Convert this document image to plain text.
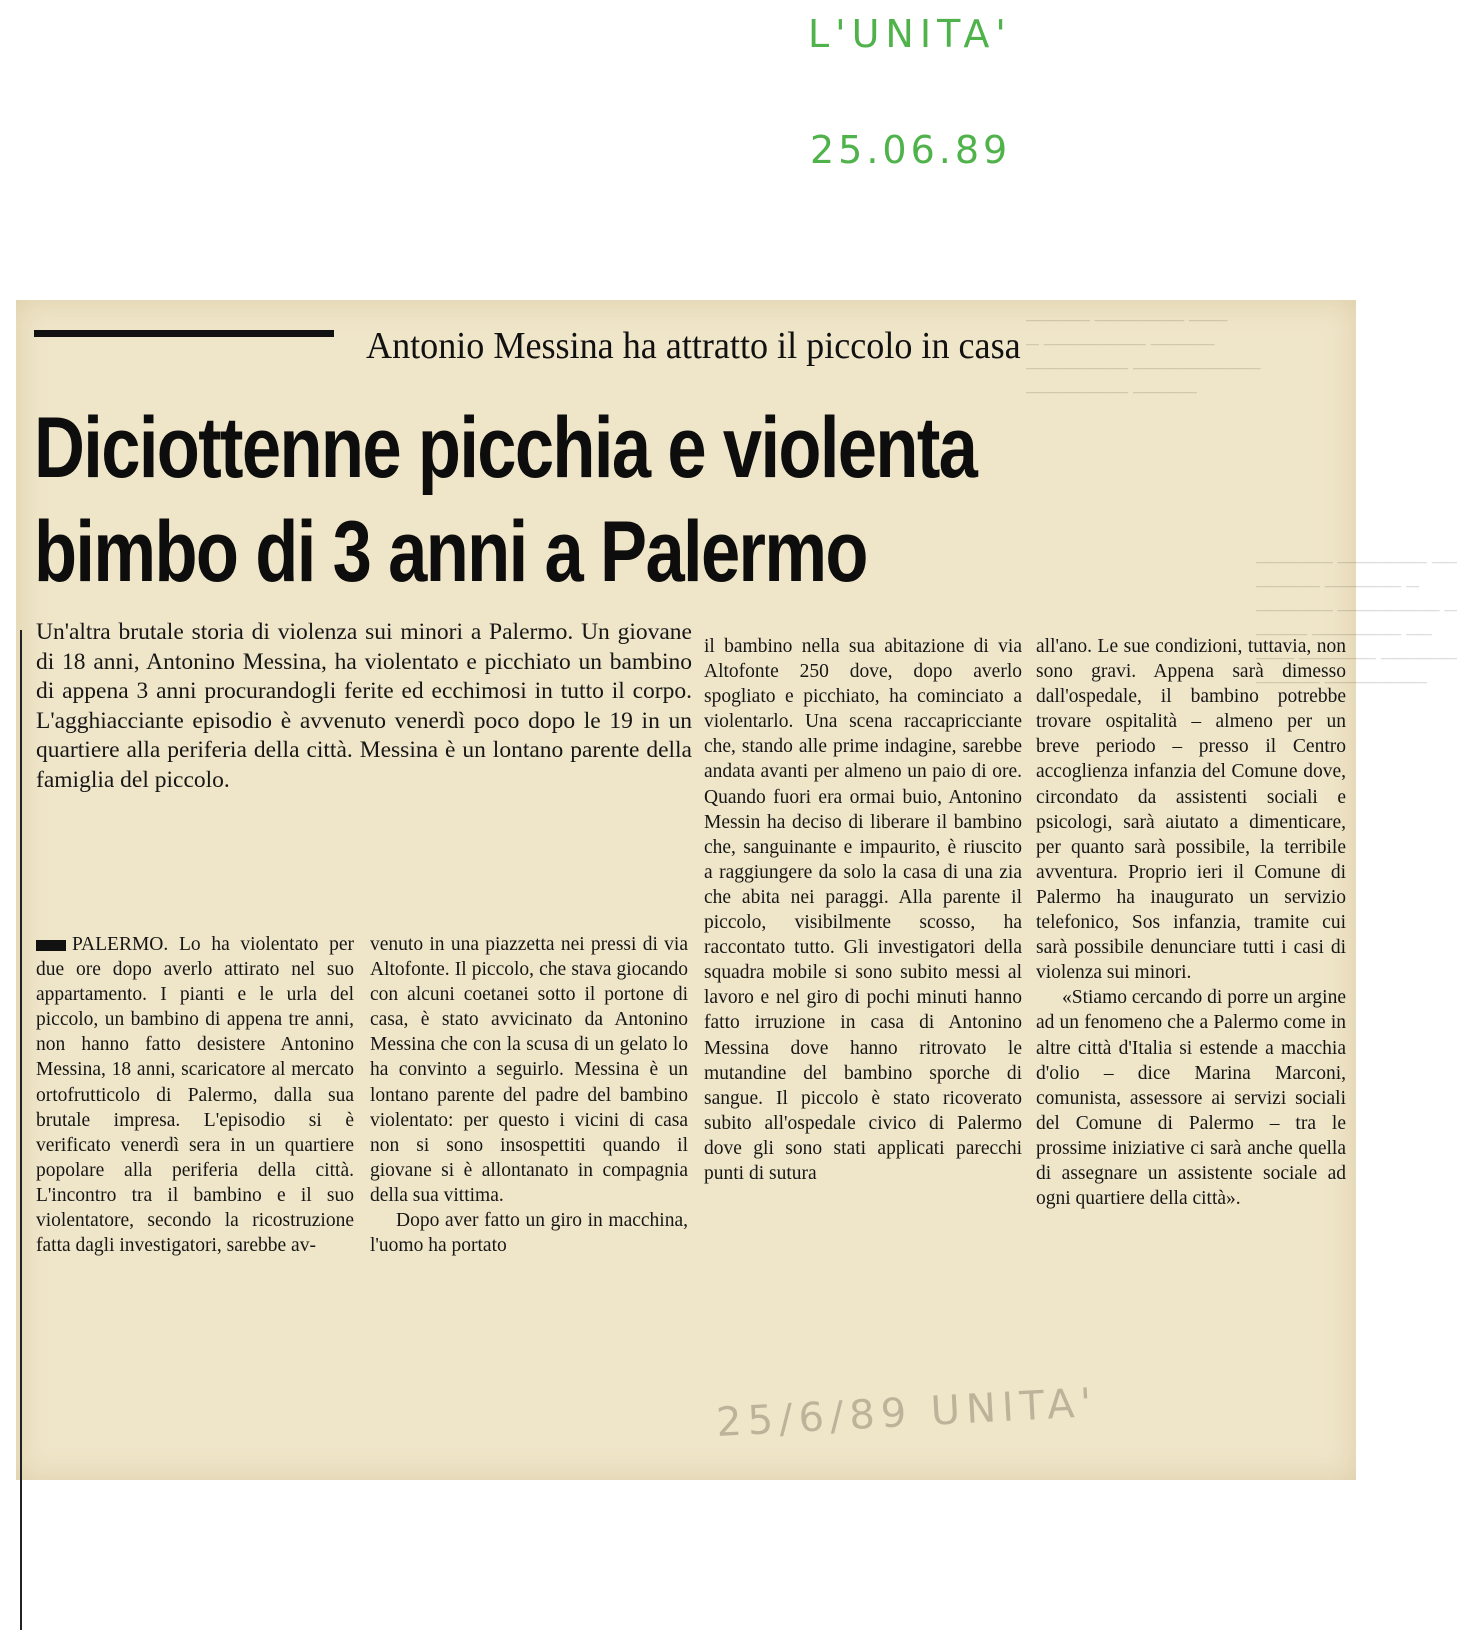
L'UNITA'
25.06.89
───── ─────── ───
─ ──────── ─────
──────── ──────────
──────── ─────
────── ─────── ──
───── ────── ─
────── ──────── ─
──── ─────── ──
─── ────── ──────
───── ────────
Antonio Messina ha attratto il piccolo in casa
Diciottenne picchia e violenta
bimbo di 3 anni a Palermo
Un'altra brutale storia di violenza sui minori a Palermo. Un giovane di 18 anni, Antonino Messina, ha violentato e picchiato un bambino di appena 3 anni procurandogli ferite ed ecchimosi in tutto il corpo. L'agghiacciante episodio è avvenuto venerdì poco dopo le 19 in un quartiere alla periferia della città. Messina è un lontano parente della famiglia del piccolo.

PALERMO. Lo ha violentato per due ore dopo averlo attirato nel suo appartamento. I pianti e le urla del piccolo, un bambino di appena tre anni, non hanno fatto desistere Antonino Messina, 18 anni, scaricatore al mercato ortofrutticolo di Palermo, dalla sua brutale impresa. L'episodio si è verificato venerdì sera in un quartiere popolare alla periferia della città. L'incontro tra il bambino e il suo violentatore, secondo la ricostruzione fatta dagli investigatori, sarebbe av-

venuto in una piazzetta nei pressi di via Altofonte. Il piccolo, che stava giocando con alcuni coetanei sotto il portone di casa, è stato avvicinato da Antonino Messina che con la scusa di un gelato lo ha convinto a seguirlo. Messina è un lontano parente del padre del bambino violentato: per questo i vicini di casa non si sono insospettiti quando il giovane si è allontanato in compagnia della sua vittima.

Dopo aver fatto un giro in macchina, l'uomo ha portato

il bambino nella sua abitazione di via Altofonte 250 dove, dopo averlo spogliato e picchiato, ha cominciato a violentarlo. Una scena raccapricciante che, stando alle prime indagine, sarebbe andata avanti per almeno un paio di ore. Quando fuori era ormai buio, Antonino Messin ha deciso di liberare il bambino che, sanguinante e impaurito, è riuscito a raggiungere da solo la casa di una zia che abita nei paraggi. Alla parente il piccolo, visibilmente scosso, ha raccontato tutto. Gli investigatori della squadra mobile si sono subito messi al lavoro e nel giro di pochi minuti hanno fatto irruzione in casa di Antonino Messina dove hanno ritrovato le mutandine del bambino sporche di sangue. Il piccolo è stato ricoverato subito all'ospedale civico di Palermo dove gli sono stati applicati parecchi punti di sutura

all'ano. Le sue condizioni, tuttavia, non sono gravi. Appena sarà dimesso dall'ospedale, il bambino potrebbe trovare ospitalità – almeno per un breve periodo – presso il Centro accoglienza infanzia del Comune dove, circondato da assistenti sociali e psicologi, sarà aiutato a dimenticare, per quanto sarà possibile, la terribile avventura. Proprio ieri il Comune di Palermo ha inaugurato un servizio telefonico, Sos infanzia, tramite cui sarà possibile denunciare tutti i casi di violenza sui minori.

«Stiamo cercando di porre un argine ad un fenomeno che a Palermo come in altre città d'Italia si estende a macchia d'olio – dice Marina Marconi, comunista, assessore ai servizi sociali del Comune di Palermo – tra le prossime iniziative ci sarà anche quella di assegnare un assistente sociale ad ogni quartiere della città».

25/6/89 UNITA'
